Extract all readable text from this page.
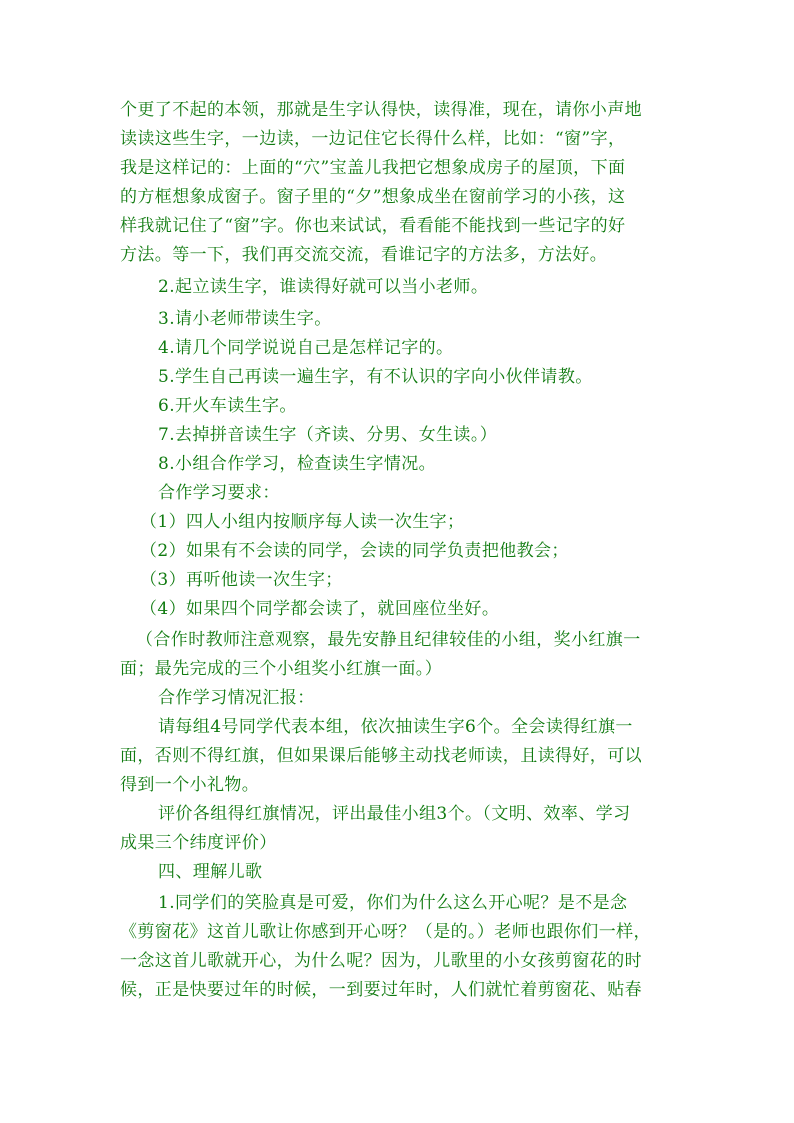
个更了不起的本领，那就是生字认得快，读得准，现在，请你小声地
读读这些生字，一边读，一边记住它长得什么样，比如：“窗”字，
我是这样记的：上面的“穴”宝盖儿我把它想象成房子的屋顶，下面
的方框想象成窗子。窗子里的“夕”想象成坐在窗前学习的小孩，这
样我就记住了“窗”字。你也来试试，看看能不能找到一些记字的好
方法。等一下，我们再交流交流，看谁记字的方法多，方法好。
2.起立读生字，谁读得好就可以当小老师。
3.请小老师带读生字。
4.请几个同学说说自己是怎样记字的。
5.学生自己再读一遍生字，有不认识的字向小伙伴请教。
6.开火车读生字。
7.去掉拼音读生字（齐读、分男、女生读。）
8.小组合作学习，检查读生字情况。
合作学习要求：
（1）四人小组内按顺序每人读一次生字；
（2）如果有不会读的同学，会读的同学负责把他教会；
（3）再听他读一次生字；
（4）如果四个同学都会读了，就回座位坐好。
（合作时教师注意观察，最先安静且纪律较佳的小组，奖小红旗一
面；最先完成的三个小组奖小红旗一面。）
合作学习情况汇报：
请每组4号同学代表本组，依次抽读生字6个。全会读得红旗一
面，否则不得红旗，但如果课后能够主动找老师读，且读得好，可以
得到一个小礼物。
评价各组得红旗情况，评出最佳小组3个。（文明、效率、学习
成果三个纬度评价）
四、理解儿歌
1.同学们的笑脸真是可爱，你们为什么这么开心呢？是不是念
《剪窗花》这首儿歌让你感到开心呀？（是的。）老师也跟你们一样，
一念这首儿歌就开心，为什么呢？因为，儿歌里的小女孩剪窗花的时
候，正是快要过年的时候，一到要过年时，人们就忙着剪窗花、贴春
